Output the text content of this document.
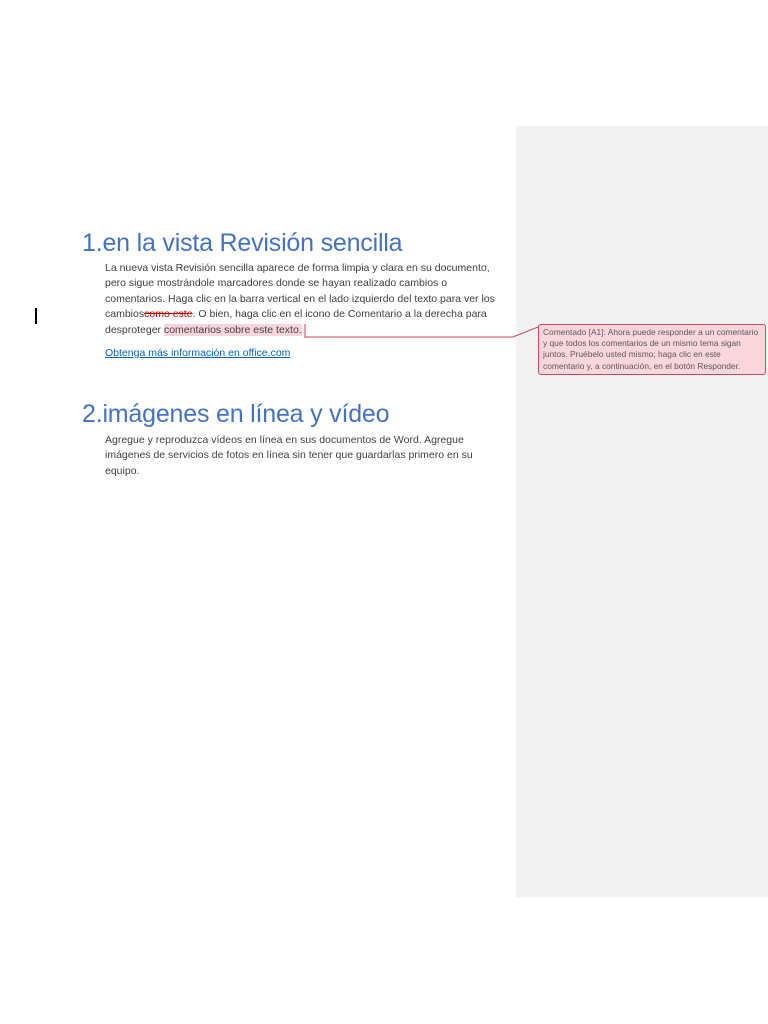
1.en la vista Revisión sencilla

La nueva vista Revisión sencilla aparece de forma limpia y clara en su documento, pero sigue mostrándole marcadores donde se hayan realizado cambios o comentarios. Haga clic en la barra vertical en el lado izquierdo del texto para ver los cambioscomo este. O bien, haga clic en el icono de Comentario a la derecha para desproteger comentarios sobre este texto.

Obtenga más información en office.com
2.imágenes en línea y vídeo

Agregue y reproduzca vídeos en línea en sus documentos de Word. Agregue imágenes de servicios de fotos en línea sin tener que guardarlas primero en su equipo.

Comentado [A1]: Ahora puede responder a un comentario y que todos los comentarios de un mismo tema sigan juntos. Pruébelo usted mismo; haga clic en este comentario y, a continuación, en el botón Responder.
